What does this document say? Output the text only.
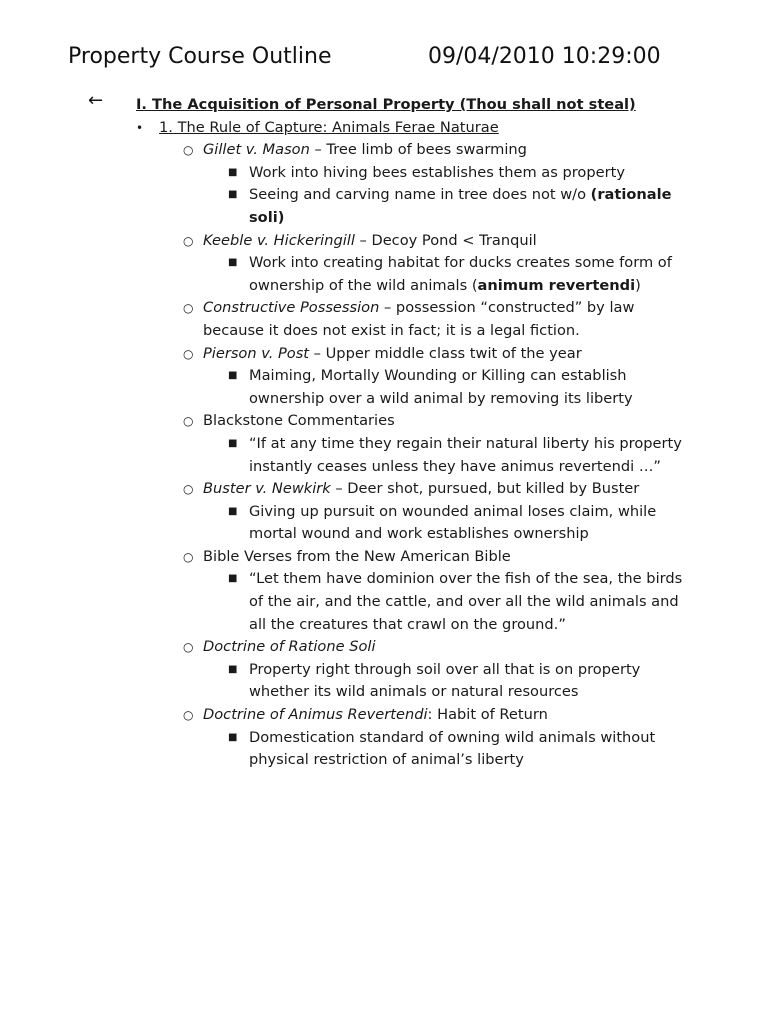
Property Course Outline	09/04/2010 10:29:00
← I. The Acquisition of Personal Property (Thou shall not steal)
• 1. The Rule of Capture: Animals Ferae Naturae
○ Gillet v. Mason – Tree limb of bees swarming
■ Work into hiving bees establishes them as property
■ Seeing and carving name in tree does not w/o (rationale soli)
○ Keeble v. Hickeringill – Decoy Pond < Tranquil
■ Work into creating habitat for ducks creates some form of ownership of the wild animals (animum revertendi)
○ Constructive Possession – possession “constructed” by law because it does not exist in fact; it is a legal fiction.
○ Pierson v. Post – Upper middle class twit of the year
■ Maiming, Mortally Wounding or Killing can establish ownership over a wild animal by removing its liberty
○ Blackstone Commentaries
■ “If at any time they regain their natural liberty his property instantly ceases unless they have animus revertendi …”
○ Buster v. Newkirk – Deer shot, pursued, but killed by Buster
■ Giving up pursuit on wounded animal loses claim, while mortal wound and work establishes ownership
○ Bible Verses from the New American Bible
■ “Let them have dominion over the fish of the sea, the birds of the air, and the cattle, and over all the wild animals and all the creatures that crawl on the ground.”
○ Doctrine of Ratione Soli
■ Property right through soil over all that is on property whether its wild animals or natural resources
○ Doctrine of Animus Revertendi: Habit of Return
■ Domestication standard of owning wild animals without physical restriction of animal’s liberty
